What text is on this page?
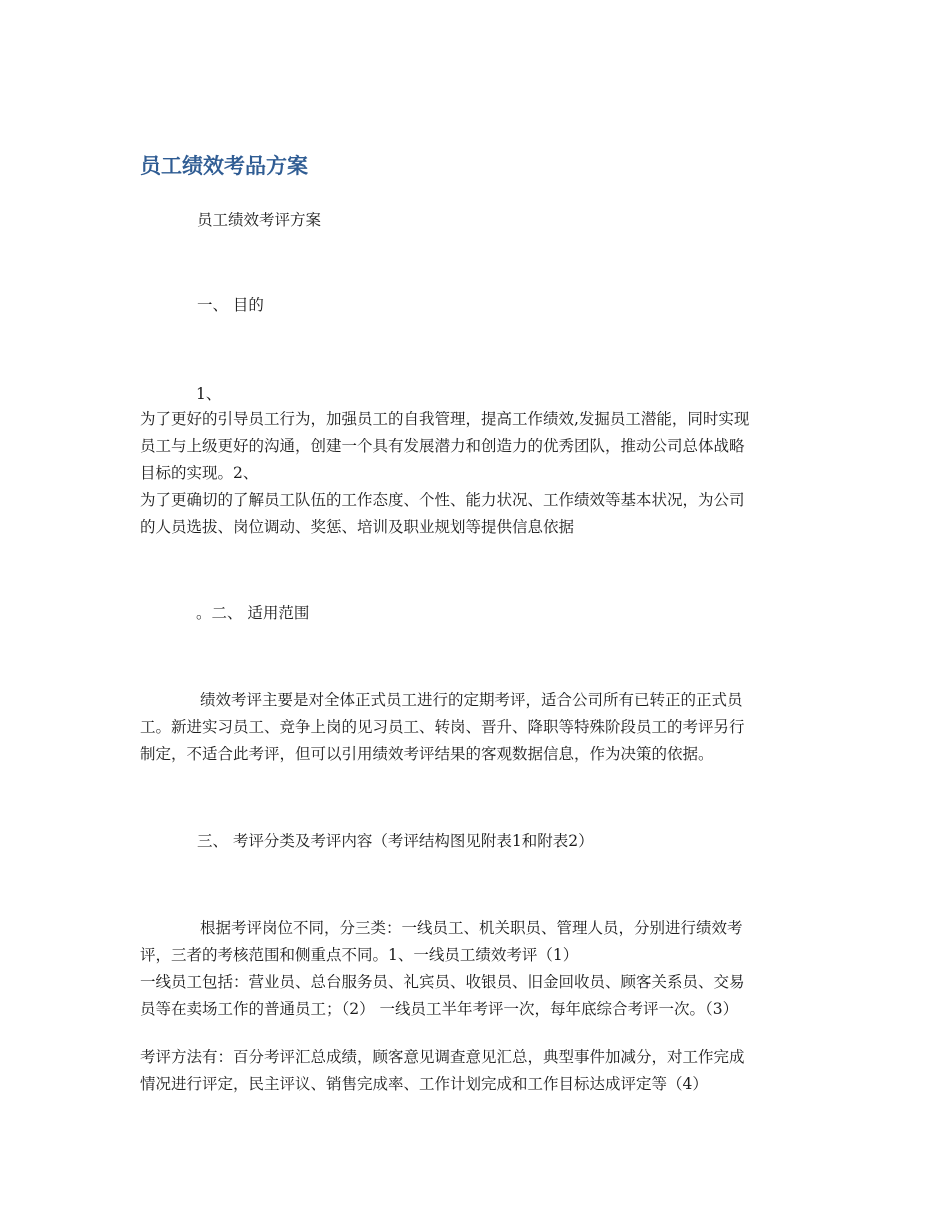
员工绩效考品方案

员工绩效考评方案

一、 目的

1、

为了更好的引导员工行为，加强员工的自我管理，提高工作绩效,发掘员工潜能，同时实现

员工与上级更好的沟通，创建一个具有发展潜力和创造力的优秀团队，推动公司总体战略

目标的实现。2、

为了更确切的了解员工队伍的工作态度、个性、能力状况、工作绩效等基本状况，为公司

的人员选拔、岗位调动、奖惩、培训及职业规划等提供信息依据

。二、 适用范围

绩效考评主要是对全体正式员工进行的定期考评，适合公司所有已转正的正式员

工。新进实习员工、竞争上岗的见习员工、转岗、晋升、降职等特殊阶段员工的考评另行

制定，不适合此考评，但可以引用绩效考评结果的客观数据信息，作为决策的依据。

三、 考评分类及考评内容（考评结构图见附表1和附表2）

根据考评岗位不同，分三类：一线员工、机关职员、管理人员，分别进行绩效考

评，三者的考核范围和侧重点不同。1、一线员工绩效考评（1）

一线员工包括：营业员、总台服务员、礼宾员、收银员、旧金回收员、顾客关系员、交易

员等在卖场工作的普通员工；（2） 一线员工半年考评一次，每年底综合考评一次。（3）

考评方法有：百分考评汇总成绩，顾客意见调查意见汇总，典型事件加减分，对工作完成

情况进行评定，民主评议、销售完成率、工作计划完成和工作目标达成评定等（4）
